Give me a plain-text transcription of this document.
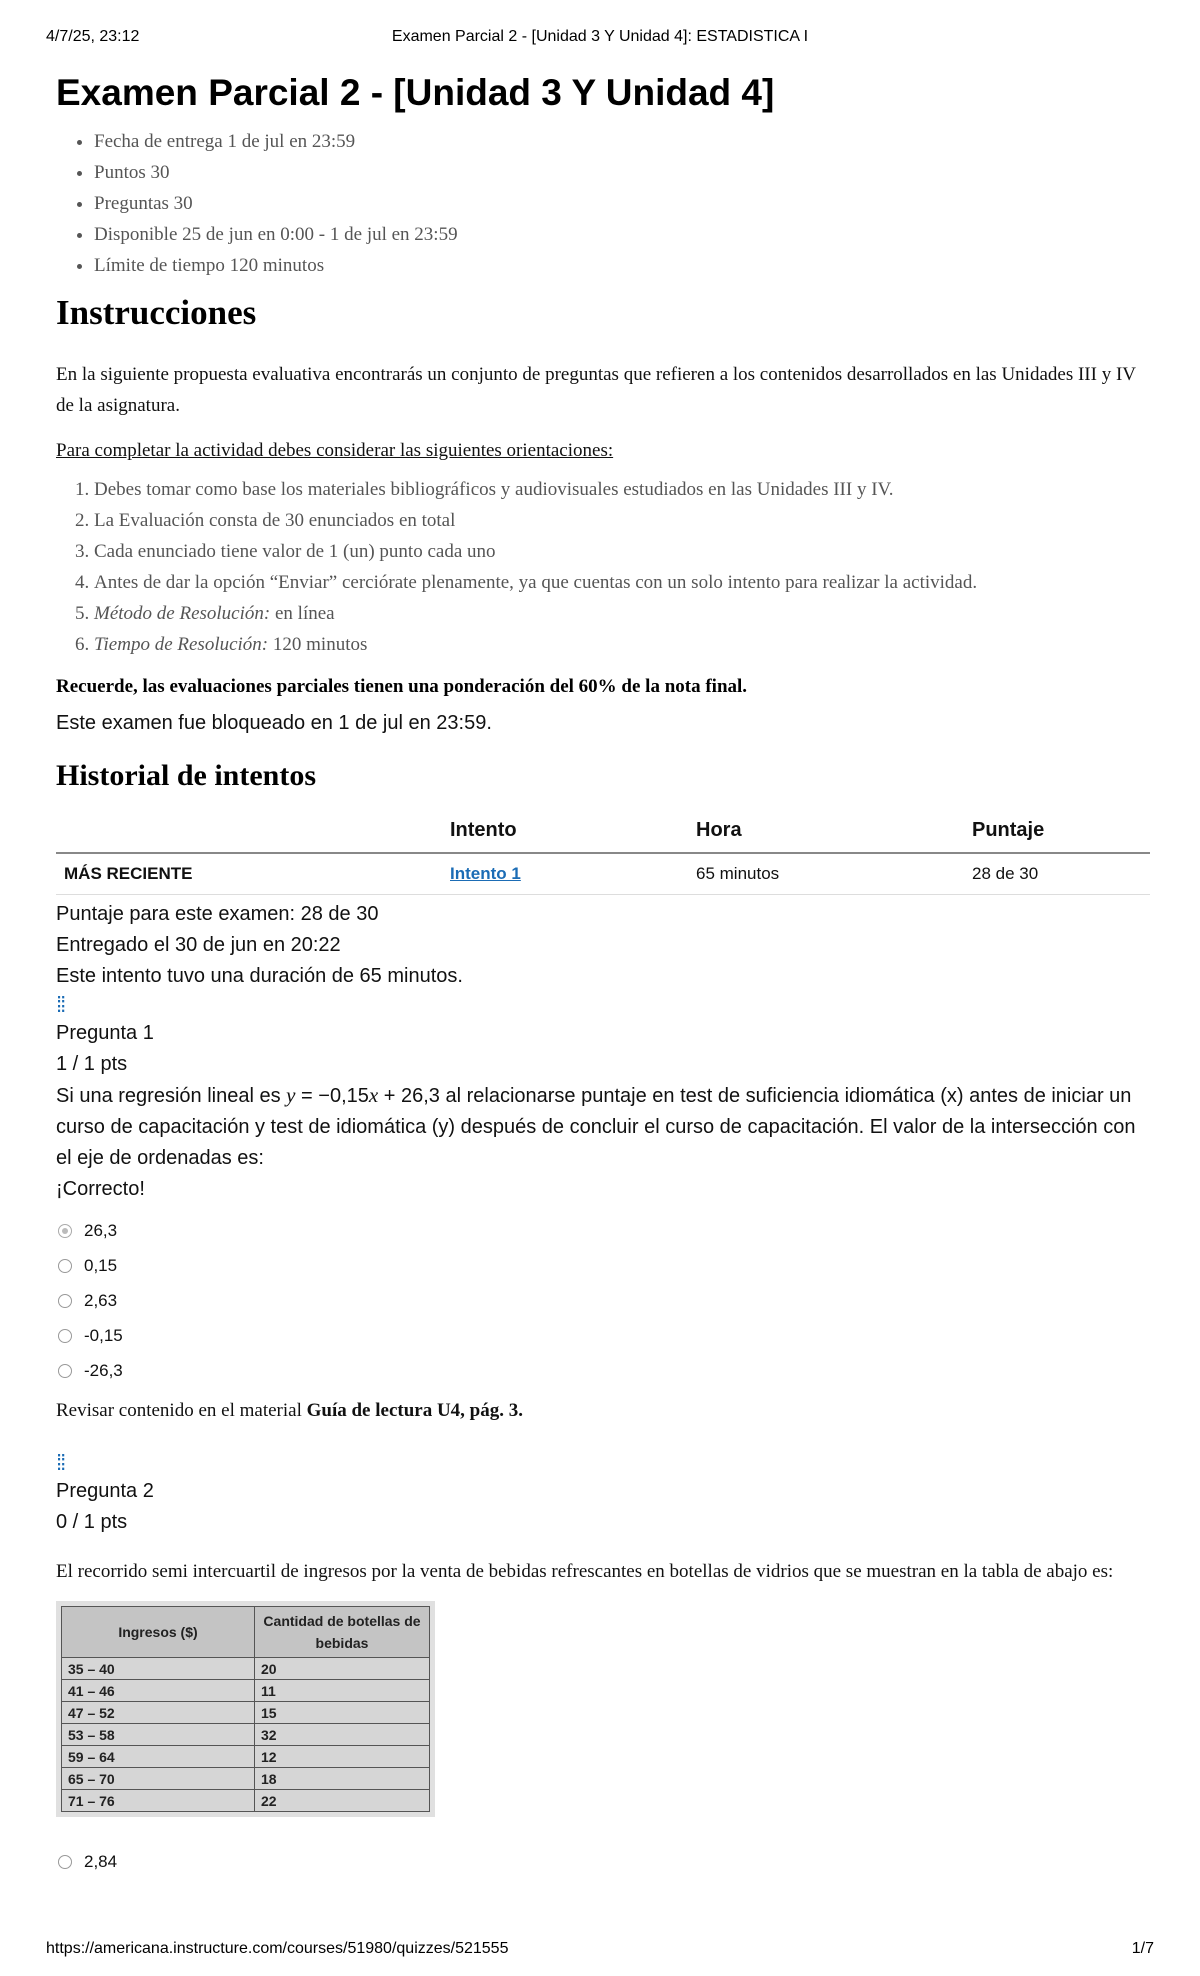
4/7/25, 23:12	Examen Parcial 2 - [Unidad 3 Y Unidad 4]: ESTADISTICA I
Examen Parcial 2 - [Unidad 3 Y Unidad 4]
• Fecha de entrega 1 de jul en 23:59
• Puntos 30
• Preguntas 30
• Disponible 25 de jun en 0:00 - 1 de jul en 23:59
• Límite de tiempo 120 minutos
Instrucciones

En la siguiente propuesta evaluativa encontrarás un conjunto de preguntas que refieren a los contenidos desarrollados en las Unidades III y IV de la asignatura.

Para completar la actividad debes considerar las siguientes orientaciones:

1. Debes tomar como base los materiales bibliográficos y audiovisuales estudiados en las Unidades III y IV.
2. La Evaluación consta de 30 enunciados en total
3. Cada enunciado tiene valor de 1 (un) punto cada uno
4. Antes de dar la opción “Enviar” cerciórate plenamente, ya que cuentas con un solo intento para realizar la actividad.
5. Método de Resolución: en línea
6. Tiempo de Resolución: 120 minutos
Recuerde, las evaluaciones parciales tienen una ponderación del 60% de la nota final.
Este examen fue bloqueado en 1 de jul en 23:59.
Historial de intentos
	Intento	Hora	Puntaje
MÁS RECIENTE	Intento 1	65 minutos	28 de 30
Puntaje para este examen: 28 de 30
Entregado el 30 de jun en 20:22
Este intento tuvo una duración de 65 minutos.
⁞⁞
Pregunta 1
1 / 1 pts
Si una regresión lineal es y = −0,15x + 26,3 al relacionarse puntaje en test de suficiencia idiomática (x) antes de iniciar un curso de capacitación y test de idiomática (y) después de concluir el curso de capacitación. El valor de la intersección con el eje de ordenadas es:
¡Correcto!
26,3
0,15
2,63
-0,15
-26,3
Revisar contenido en el material Guía de lectura U4, pág. 3.
⁞⁞
Pregunta 2
0 / 1 pts

El recorrido semi intercuartil de ingresos por la venta de bebidas refrescantes en botellas de vidrios que se muestran en la tabla de abajo es:

Ingresos ($)	Cantidad de botellas de bebidas
35 – 40	20
41 – 46	11
47 – 52	15
53 – 58	32
59 – 64	12
65 – 70	18
71 – 76	22
2,84
https://americana.instructure.com/courses/51980/quizzes/521555	1/7
